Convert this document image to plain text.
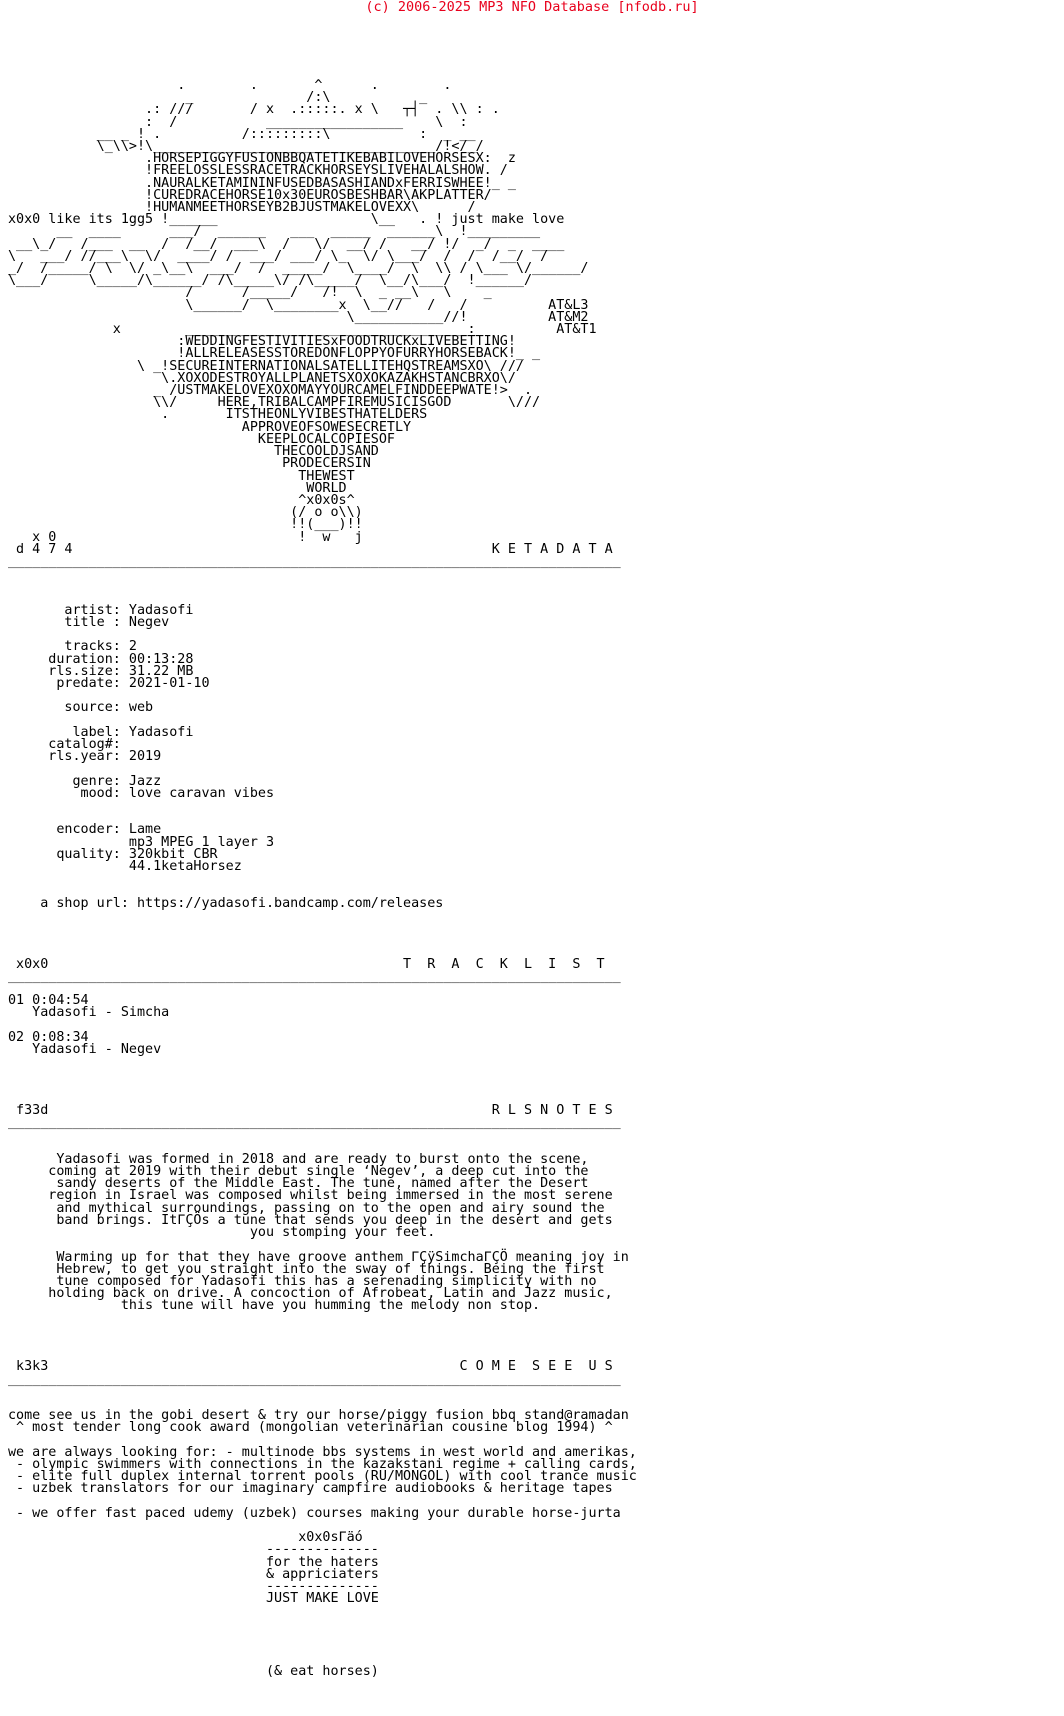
(c) 2006-2025 MP3 NFO Database [nfodb.ru]
.        .       ^      .        .
_              /:\           _
.: ///       / x  .:::::. x \   ┬┤  . \\ : .
:  /           _________________    \  :
__ _ ! .          /:::::::::\           :  _ __
\_\\>!\___________________________________/!</_/
.HORSEPIGGYFUSIONBBQATETIKEBABILOVEHORSESX:  z
!FREELOSSLESSRACETRACKHORSEYSLIVEHALALSHOW. /
.NAURALKETAMININFUSEDBASASHIANDxFERRISWHEE!_ _
!CUREDRACEHORSE10x30EUROSBESHBAR\AKPLATTER/
!HUMANMEETHORSEYB2BJUSTMAKELOVEXX\      /
x0x0 like its 1gg5 !______                   \__   . ! just make love
__  ____      ___/  ______   ___  _____  ______\  !_________
__\_/   /___  __  /  /__/  ___\  /   \/  __/ /   __/ !/  _/  _  ____
\   ___/ //___\  \/  ____/ /  ___/ ___/ \_  \/ \___/  /  /  /__/  /
_/  /_____/ \  \/ _\__\  ___/  /  _____/  \____/  \  \\ / \___ \/______/
\___/     \_____/\______/ /\_____\/ /\_____/  \__/\___/  !______/
/      /_____/   /!  \  _ __\   \    _
\______/  \________x  \__//   /   /          AT&L3
\___________//!          AT&M2
x        ___________________________________:          AT&T1
:WEDDINGFESTIVITIESxFOODTRUCKxLIVEBETTING!
!ALLRELEASESSTOREDONFLOPPYOFURRYHORSEBACK!_ _
\ _!SECUREINTERNATIONALSATELLITEHQSTREAMSXO\ ///
\.XOXODESTROYALLPLANETSXOXOKAZAKHSTANCBRXO\/
_ /USTMAKELOVEXOXOMAYYOURCAMELFINDDEEPWATE!>  .
\\/     HERE,TRIBALCAMPFIREMUSICISGOD       \///
.       ITSTHEONLYVIBESTHATELDERS
APPROVEOFSOWESECRETLY
KEEPLOCALCOPIESOF
THECOOLDJSAND
PRODECERSIN
THEWEST
WORLD
^x0x0s^
(/ o o\\)
!!(___)!!
x 0                              !  w   j
d 4 7 4                                                    K E T A D A T A
____________________________________________________________________________

artist: Yadasofi
title : Negev

tracks: 2
duration: 00:13:28
rls.size: 31.22 MB
predate: 2021-01-10

source: web

label: Yadasofi
catalog#:
rls.year: 2019

genre: Jazz
mood: love caravan vibes

encoder: Lame
mp3 MPEG 1 layer 3
quality: 320kbit CBR
44.1ketaHorsez

a shop url: https://yadasofi.bandcamp.com/releases

x0x0                                            T  R  A  C  K  L  I  S  T
____________________________________________________________________________

01 0:04:54
Yadasofi - Simcha

02 0:08:34
Yadasofi - Negev

f33d                                                       R L S N O T E S
____________________________________________________________________________

Yadasofi was formed in 2018 and are ready to burst onto the scene,
coming at 2019 with their debut single ‘Negev’, a deep cut into the
sandy deserts of the Middle East. The tune, named after the Desert
region in Israel was composed whilst being immersed in the most serene
and mythical surroundings, passing on to the open and airy sound the
band brings. ItΓÇÖs a tune that sends you deep in the desert and gets
you stomping your feet.

Warming up for that they have groove anthem ΓÇÿSimchaΓÇÖ meaning joy in
Hebrew, to get you straight into the sway of things. Being the first
tune composed for Yadasofi this has a serenading simplicity with no
holding back on drive. A concoction of Afrobeat, Latin and Jazz music,
this tune will have you humming the melody non stop.

k3k3                                                   C O M E  S E E  U S
____________________________________________________________________________

come see us in the gobi desert & try our horse/piggy fusion bbq stand@ramadan
^ most tender long cook award (mongolian veterinarian cousine blog 1994) ^

we are always looking for: - multinode bbs systems in west world and amerikas,
- olympic swimmers with connections in the kazakstani regime + calling cards,
- elite full duplex internal torrent pools (RU/MONGOL) with cool trance music
- uzbek translators for our imaginary campfire audiobooks & heritage tapes

- we offer fast paced udemy (uzbek) courses making your durable horse-jurta

x0x0sΓäó
--------------
for the haters
& appriciaters
--------------
JUST MAKE LOVE

(& eat horses)
